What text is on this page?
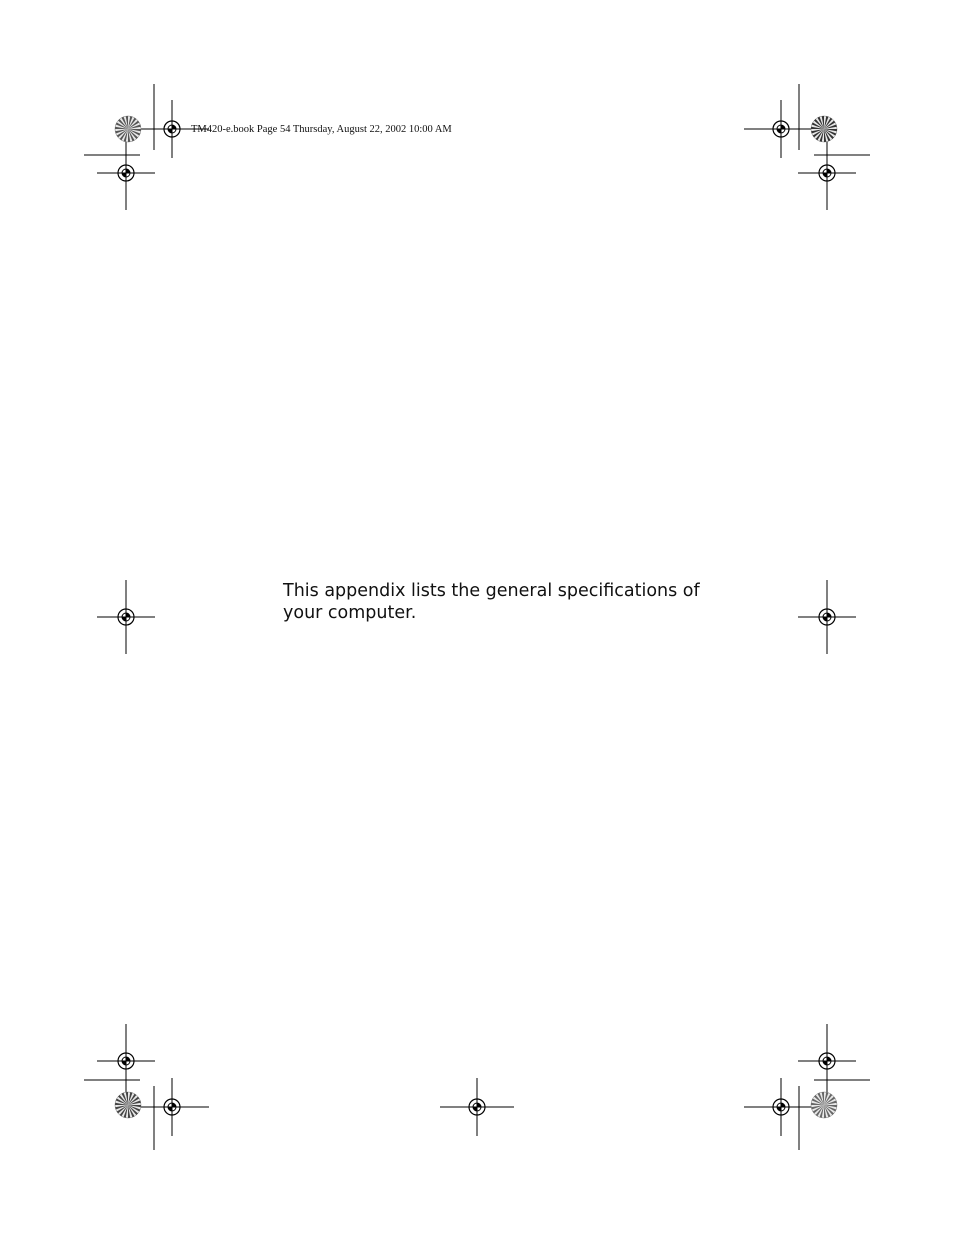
TM420-e.book Page 54 Thursday, August 22, 2002 10:00 AM
This appendix lists the general specifications of your computer.
